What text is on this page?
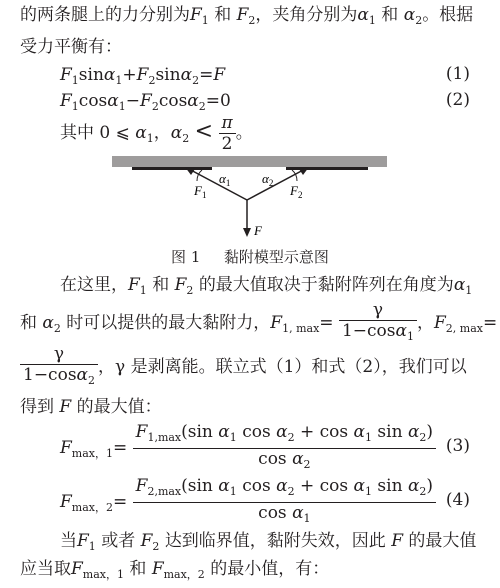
的两条腿上的力分别为$F_1$ 和 $F_2$，夹角分别为$\alpha_1$ 和 $\alpha_2$。根据
受力平衡有：
$F_1\sin\alpha_1+F_2\sin\alpha_2=F$	(1)
$F_1\cos\alpha_1-F_2\cos\alpha_2=0$	(2)
其中 0 ⩽ $\alpha_1$，$\alpha_2 < \frac{\pi}{2}$ 。
$\alpha_1$ $\alpha_2$
$F_1$	$F_2$
F
图 1 黏附模型示意图
在这里，$F_1$ 和 $F_2$ 的最大值取决于黏附阵列在角度为$\alpha_1$
和 $\alpha_2$ 时可以提供的最大黏附力，$F_{1, max}= \frac{\gamma}{1-\cos\alpha_1}$ ，$F_{2, max}=$
$\frac{\gamma}{1-\cos\alpha_2}$ ，γ 是剥离能。联立式（1）和式（2），我们可以
得到 F 的最大值：
$F_{max,1}= \frac{F_{1,max}(\sin \alpha_1 \cos \alpha_2 + \cos \alpha_1 \sin \alpha_2)}{\cos \alpha_2} (3)$
$F_{max,2}= \frac{F_{2,max}(\sin \alpha_1 \cos \alpha_2 + \cos \alpha_1 \sin \alpha_2)}{\cos \alpha_1} (4)$
当$F_1$ 或者 $F_2$ 达到临界值，黏附失效，因此 F 的最大值
应当取$F_{max,1}$ 和 $F_{max,2}$ 的最小值，有：
